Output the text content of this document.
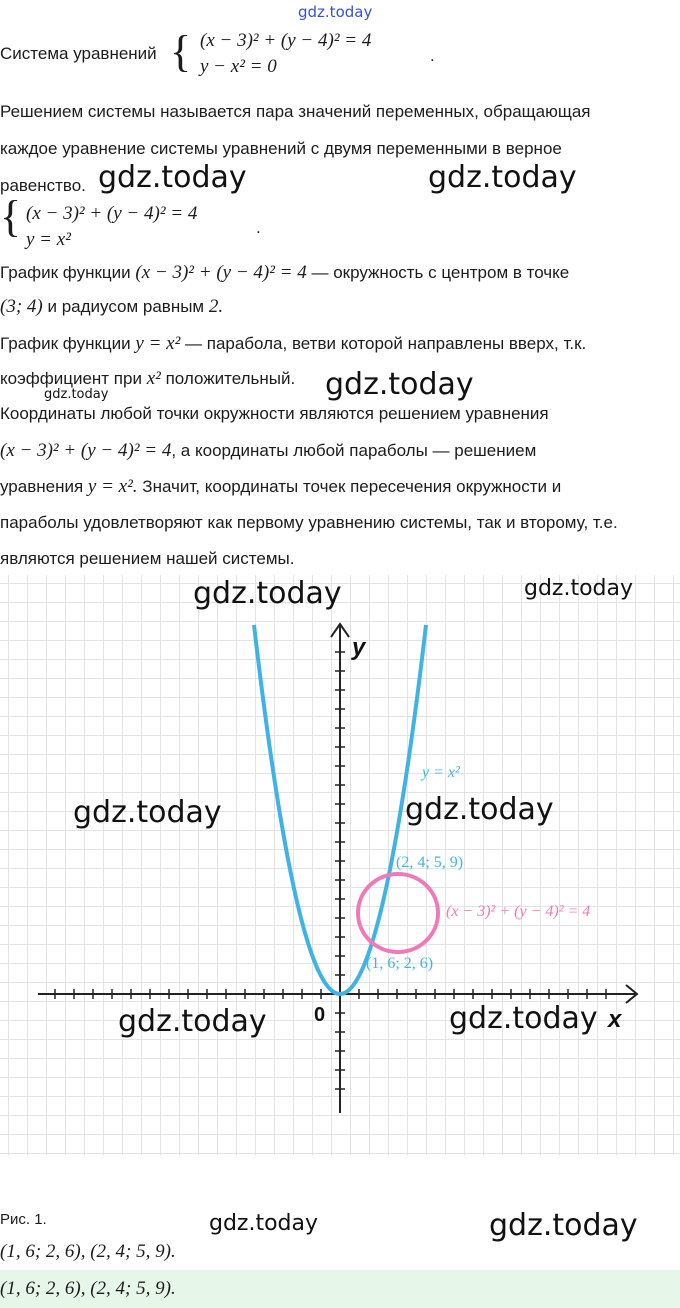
gdz.today
Система уравнений { (x − 3)² + (y − 4)² = 4
y − x² = 0
.
Решением системы называется пара значений переменных, обращающая
каждое уравнение системы уравнений с двумя переменными в верное
равенство.
{ (x − 3)² + (y − 4)² = 4
y = x²
.
График функции (x − 3)² + (y − 4)² = 4 — окружность с центром в точке
(3; 4) и радиусом равным 2.
График функции y = x² — парабола, ветви которой направлены вверх, т.к.
коэффициент при x² положительный.
Координаты любой точки окружности являются решением уравнения
(x − 3)² + (y − 4)² = 4, а координаты любой параболы — решением
уравнения y = x². Значит, координаты точек пересечения окружности и
параболы удовлетворяют как первому уравнению системы, так и второму, т.е.
являются решением нашей системы.
y
x
0
y = x²
(x − 3)² + (y − 4)² = 4
(2, 4; 5, 9)
(1, 6; 2, 6)
Рис. 1.
(1, 6; 2, 6), (2, 4; 5, 9).
(1, 6; 2, 6), (2, 4; 5, 9).
gdz.today	gdz.today
gdz.today	gdz.today
gdz.today	gdz.today
gdz.today	gdz.today
gdz.today	gdz.today
gdz.today	gdz.today
